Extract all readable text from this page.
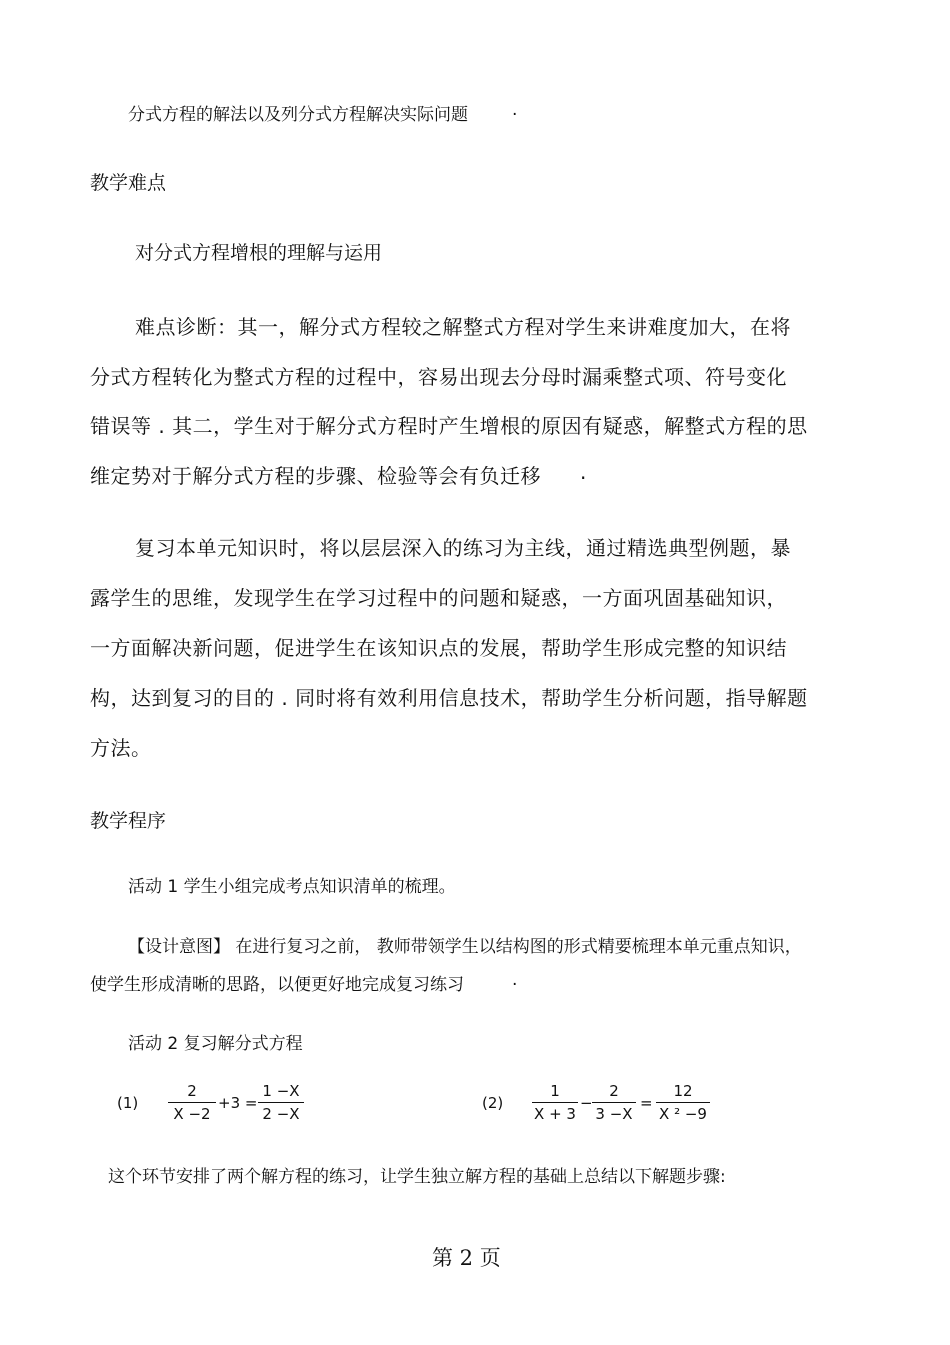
分式方程的解法以及列分式方程解决实际问题	.
教学难点
对分式方程增根的理解与运用
难点诊断：其一，解分式方程较之解整式方程对学生来讲难度加大，在将
分式方程转化为整式方程的过程中，容易出现去分母时漏乘整式项、符号变化
错误等 . 其二，学生对于解分式方程时产生增根的原因有疑惑，解整式方程的思
维定势对于解分式方程的步骤、检验等会有负迁移 .
复习本单元知识时，将以层层深入的练习为主线，通过精选典型例题，暴
露学生的思维，发现学生在学习过程中的问题和疑惑，一方面巩固基础知识，
一方面解决新问题，促进学生在该知识点的发展，帮助学生形成完整的知识结
构，达到复习的目的 . 同时将有效利用信息技术，帮助学生分析问题，指导解题
方法。
教学程序
活动 1 学生小组完成考点知识清单的梳理。
【设计意图】 在进行复习之前， 教师带领学生以结构图的形式精要梳理本单元重点知识，
使学生形成清晰的思路，以便更好地完成复习练习	.
活动 2 复习解分式方程
$(1) \frac{2}{X -2} +3 = \frac{1 -X}{2 -X}$	$(2) \frac{1}{X + 3} - \frac{2}{3 -X} = \frac{12}{\text{X ² −9}}$
这个环节安排了两个解方程的练习，让学生独立解方程的基础上总结以下解题步骤:
第 2 页
